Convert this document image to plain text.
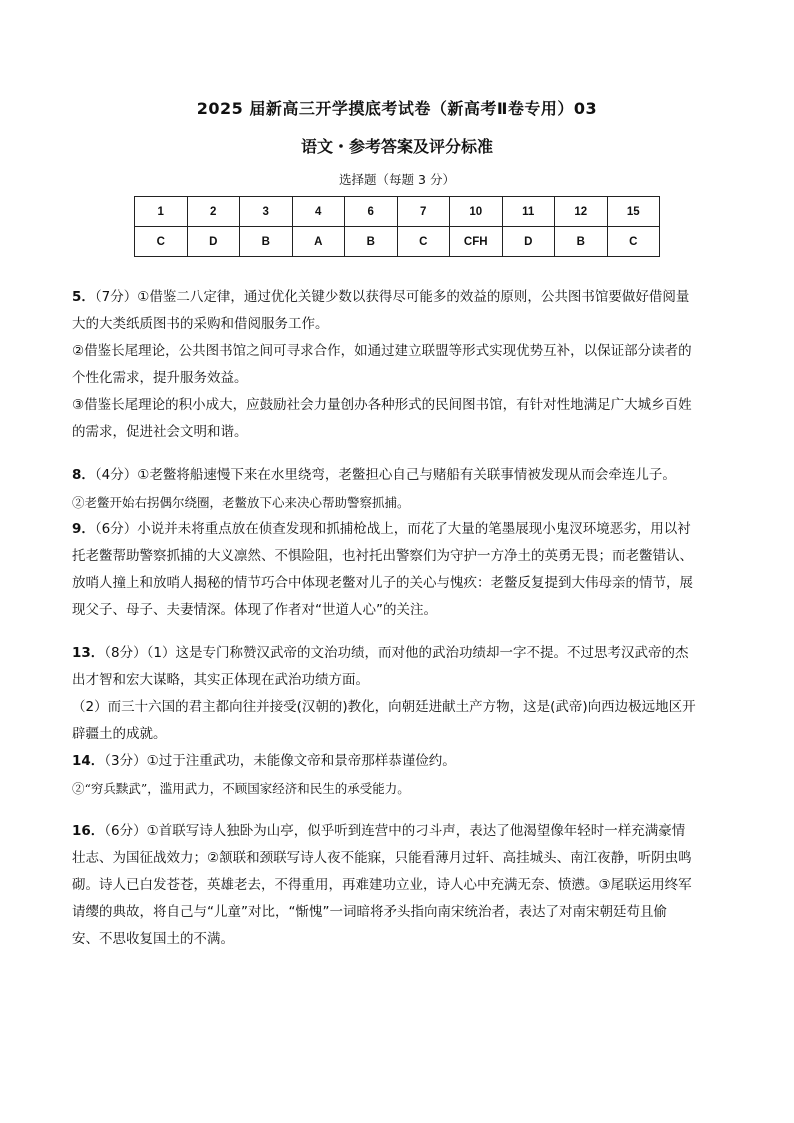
2025 届新高三开学摸底考试卷（新高考Ⅱ卷专用）03
语文・参考答案及评分标准
选择题（每题 3 分）
1	2	3	4	6	7	10	11	12	15
C	D	B	A	B	C	CFH	D	B	C

5．（7分）①借鉴二八定律，通过优化关键少数以获得尽可能多的效益的原则，公共图书馆要做好借阅量

大的大类纸质图书的采购和借阅服务工作。

②借鉴长尾理论，公共图书馆之间可寻求合作，如通过建立联盟等形式实现优势互补，以保证部分读者的

个性化需求，提升服务效益。

③借鉴长尾理论的积小成大，应鼓励社会力量创办各种形式的民间图书馆，有针对性地满足广大城乡百姓

的需求，促进社会文明和谐。

8．（4分）①老鳖将船速慢下来在水里绕弯，老鳖担心自己与赌船有关联事情被发现从而会牵连儿子。

②老鳖开始右拐偶尔绕圈，老鳖放下心来决心帮助警察抓捕。

9．（6分）小说并未将重点放在侦查发现和抓捕枪战上，而花了大量的笔墨展现小鬼汊环境恶劣，用以衬

托老鳖帮助警察抓捕的大义凛然、不惧险阻，也衬托出警察们为守护一方净土的英勇无畏；而老鳖错认、

放哨人撞上和放哨人揭秘的情节巧合中体现老鳖对儿子的关心与愧疚：老鳖反复提到大伟母亲的情节，展

现父子、母子、夫妻情深。体现了作者对“世道人心”的关注。

13．（8分）（1）这是专门称赞汉武帝的文治功绩，而对他的武治功绩却一字不提。不过思考汉武帝的杰

出才智和宏大谋略，其实正体现在武治功绩方面。

（2）而三十六国的君主都向往并接受(汉朝的)教化，向朝廷进献土产方物，这是(武帝)向西边极远地区开

辟疆土的成就。

14．（3分）①过于注重武功，未能像文帝和景帝那样恭谨俭约。

②“穷兵黩武”，滥用武力，不顾国家经济和民生的承受能力。

16．（6分）①首联写诗人独卧为山亭，似乎听到连营中的刁斗声，表达了他渴望像年轻时一样充满豪情

壮志、为国征战效力；②颔联和颈联写诗人夜不能寐，只能看薄月过轩、高挂城头、南江夜静，听阴虫鸣

砌。诗人已白发苍苍，英雄老去，不得重用，再难建功立业，诗人心中充满无奈、愤懑。③尾联运用终军

请缨的典故，将自己与“儿童”对比，“惭愧”一词暗将矛头指向南宋统治者，表达了对南宋朝廷苟且偷

安、不思收复国土的不满。
